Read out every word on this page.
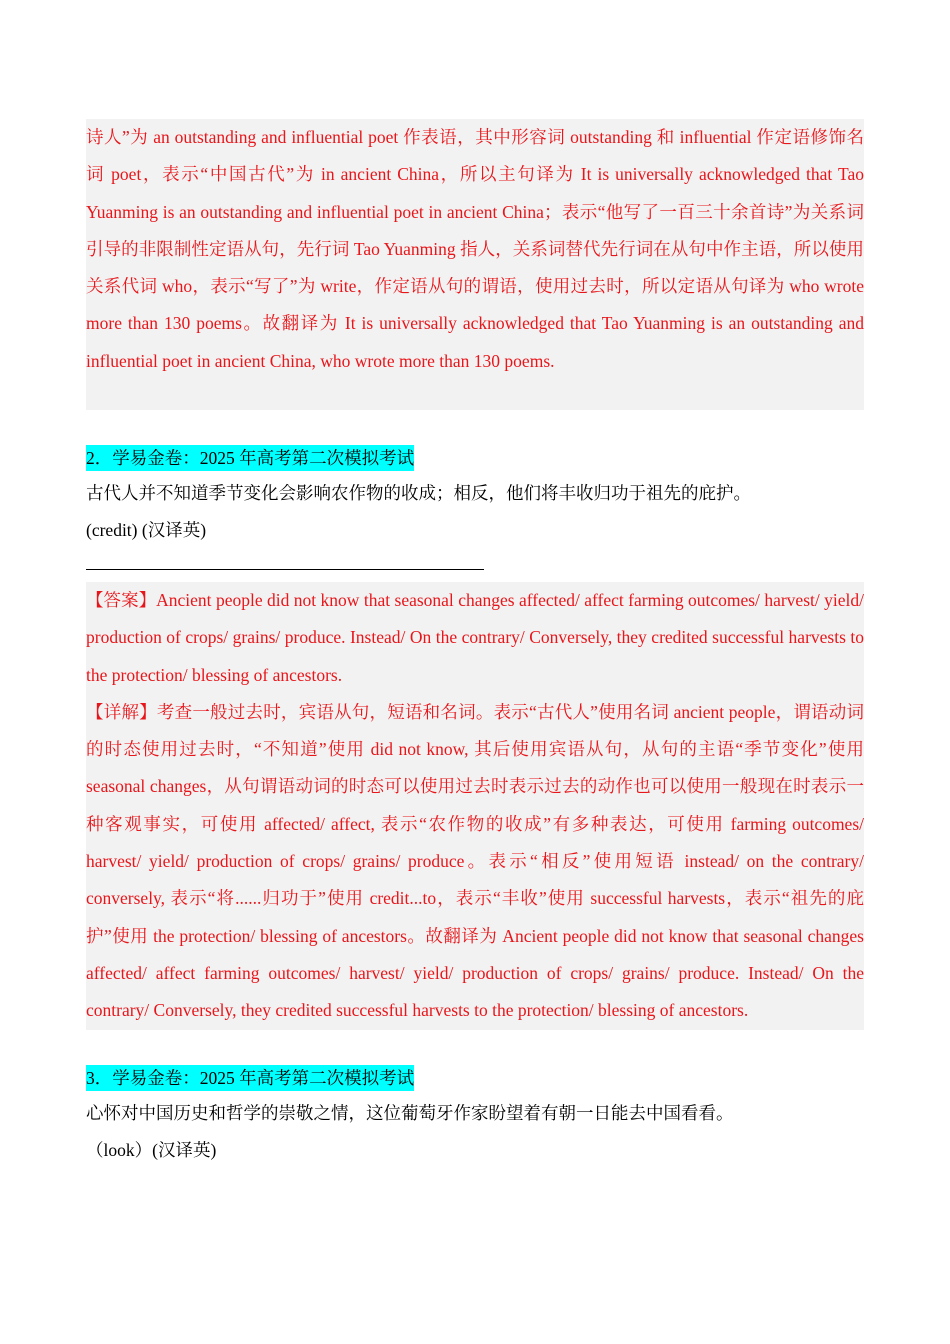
诗人”为 an outstanding and influential poet 作表语，其中形容词 outstanding 和 influential 作定语修饰名词 poet，表示“中国古代”为 in ancient China，所以主句译为 It is universally acknowledged that Tao Yuanming is an outstanding and influential poet in ancient China；表示“他写了一百三十余首诗”为关系词引导的非限制性定语从句，先行词 Tao Yuanming 指人，关系词替代先行词在从句中作主语，所以使用关系代词 who，表示“写了”为 write，作定语从句的谓语，使用过去时，所以定语从句译为 who wrote more than 130 poems。故翻译为 It is universally acknowledged that Tao Yuanming is an outstanding and influential poet in ancient China, who wrote more than 130 poems.

2．学易金卷：2025 年高考第二次模拟考试

古代人并不知道季节变化会影响农作物的收成；相反，他们将丰收归功于祖先的庇护。

(credit) (汉译英)

【答案】Ancient people did not know that seasonal changes affected/ affect farming outcomes/ harvest/ yield/ production of crops/ grains/ produce. Instead/ On the contrary/ Conversely, they credited successful harvests to the protection/ blessing of ancestors.

【详解】考查一般过去时，宾语从句，短语和名词。表示“古代人”使用名词 ancient people，谓语动词的时态使用过去时，“不知道”使用 did not know, 其后使用宾语从句，从句的主语“季节变化”使用 seasonal changes，从句谓语动词的时态可以使用过去时表示过去的动作也可以使用一般现在时表示一种客观事实，可使用 affected/ affect, 表示“农作物的收成”有多种表达，可使用 farming outcomes/ harvest/ yield/ production of crops/ grains/ produce。表示“相反”使用短语 instead/ on the contrary/ conversely, 表示“将......归功于”使用 credit...to，表示“丰收”使用 successful harvests，表示“祖先的庇护”使用 the protection/ blessing of ancestors。故翻译为 Ancient people did not know that seasonal changes affected/ affect farming outcomes/ harvest/ yield/ production of crops/ grains/ produce. Instead/ On the contrary/ Conversely, they credited successful harvests to the protection/ blessing of ancestors.

3．学易金卷：2025 年高考第二次模拟考试

心怀对中国历史和哲学的崇敬之情，这位葡萄牙作家盼望着有朝一日能去中国看看。

（look）(汉译英)
